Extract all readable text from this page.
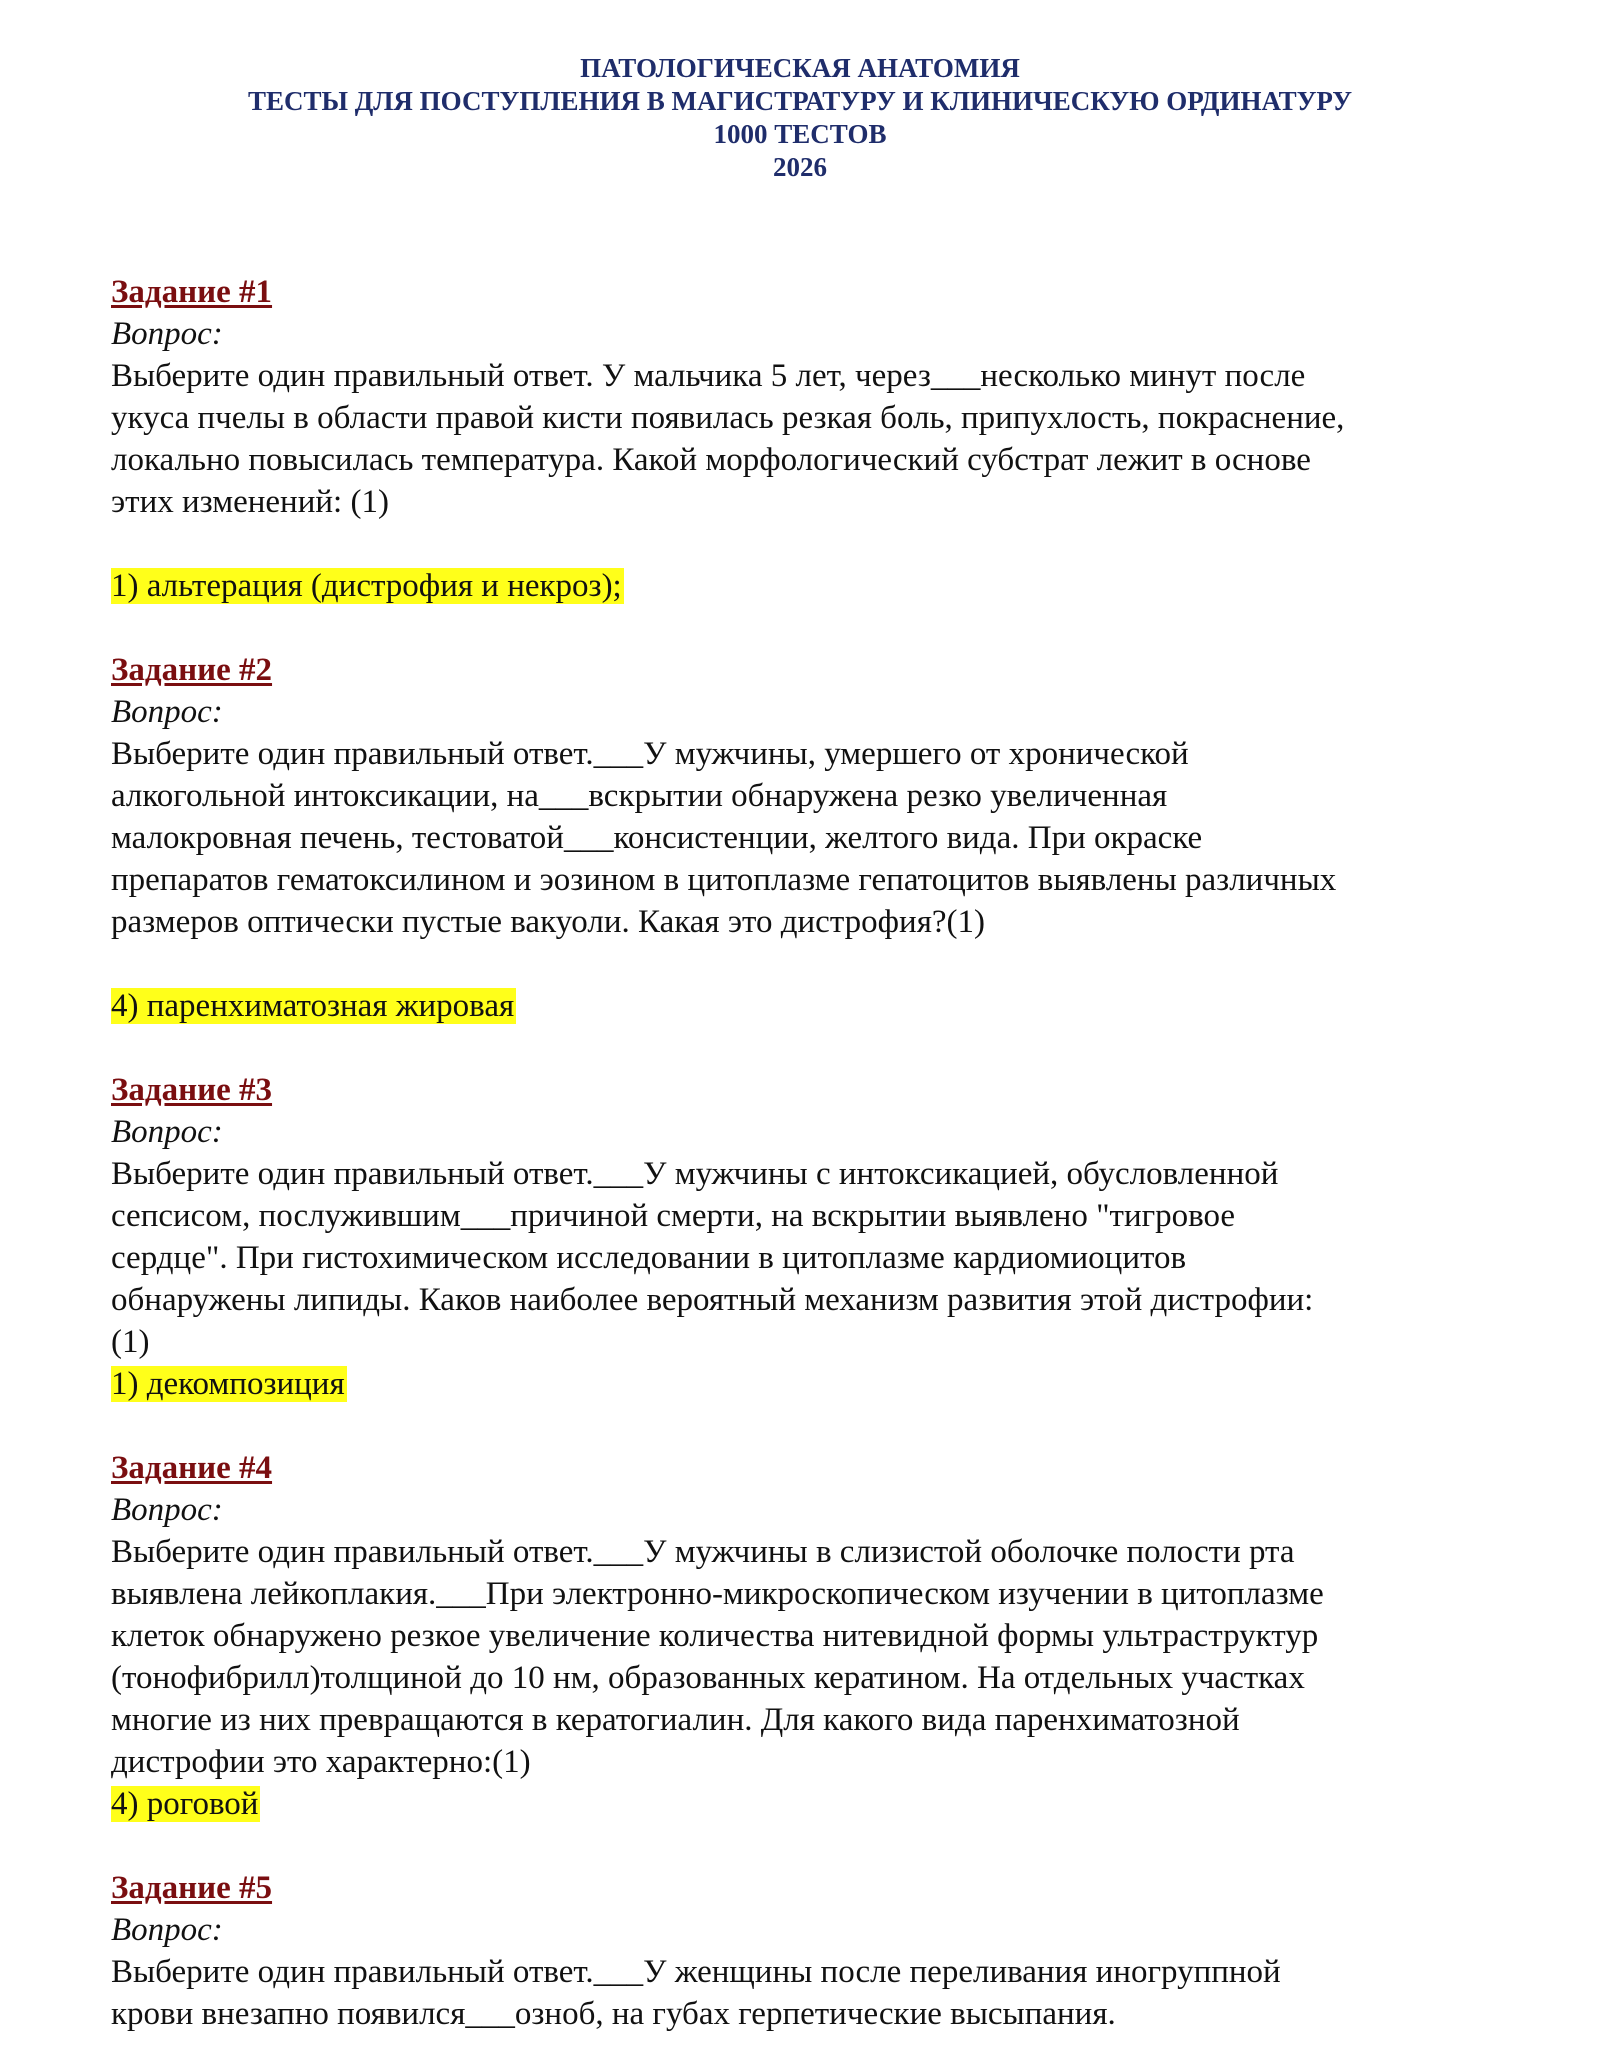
ПАТОЛОГИЧЕСКАЯ АНАТОМИЯ
ТЕСТЫ ДЛЯ ПОСТУПЛЕНИЯ В МАГИСТРАТУРУ И КЛИНИЧЕСКУЮ ОРДИНАТУРУ
1000 ТЕСТОВ
2026
Задание #1
Вопрос:
Выберите один правильный ответ. У мальчика 5 лет, через___несколько минут после
укуса пчелы в области правой кисти появилась резкая боль, припухлость, покраснение,
локально повысилась температура. Какой морфологический субстрат лежит в основе
этих изменений: (1)
1) альтерация (дистрофия и некроз);
Задание #2
Вопрос:
Выберите один правильный ответ.___У мужчины, умершего от хронической
алкогольной интоксикации, на___вскрытии обнаружена резко увеличенная
малокровная печень, тестоватой___консистенции, желтого вида. При окраске
препаратов гематоксилином и эозином в цитоплазме гепатоцитов выявлены различных
размеров оптически пустые вакуоли. Какая это дистрофия?(1)
4) паренхиматозная жировая
Задание #3
Вопрос:
Выберите один правильный ответ.___У мужчины с интоксикацией, обусловленной
сепсисом, послужившим___причиной смерти, на вскрытии выявлено "тигровое
сердце". При гистохимическом исследовании в цитоплазме кардиомиоцитов
обнаружены липиды. Каков наиболее вероятный механизм развития этой дистрофии:
(1)
1) декомпозиция
Задание #4
Вопрос:
Выберите один правильный ответ.___У мужчины в слизистой оболочке полости рта
выявлена лейкоплакия.___При электронно-микроскопическом изучении в цитоплазме
клеток обнаружено резкое увеличение количества нитевидной формы ультраструктур
(тонофибрилл)толщиной до 10 нм, образованных кератином. На отдельных участках
многие из них превращаются в кератогиалин. Для какого вида паренхиматозной
дистрофии это характерно:(1)
4) роговой
Задание #5
Вопрос:
Выберите один правильный ответ.___У женщины после переливания иногруппной
крови внезапно появился___озноб, на губах герпетические высыпания.
